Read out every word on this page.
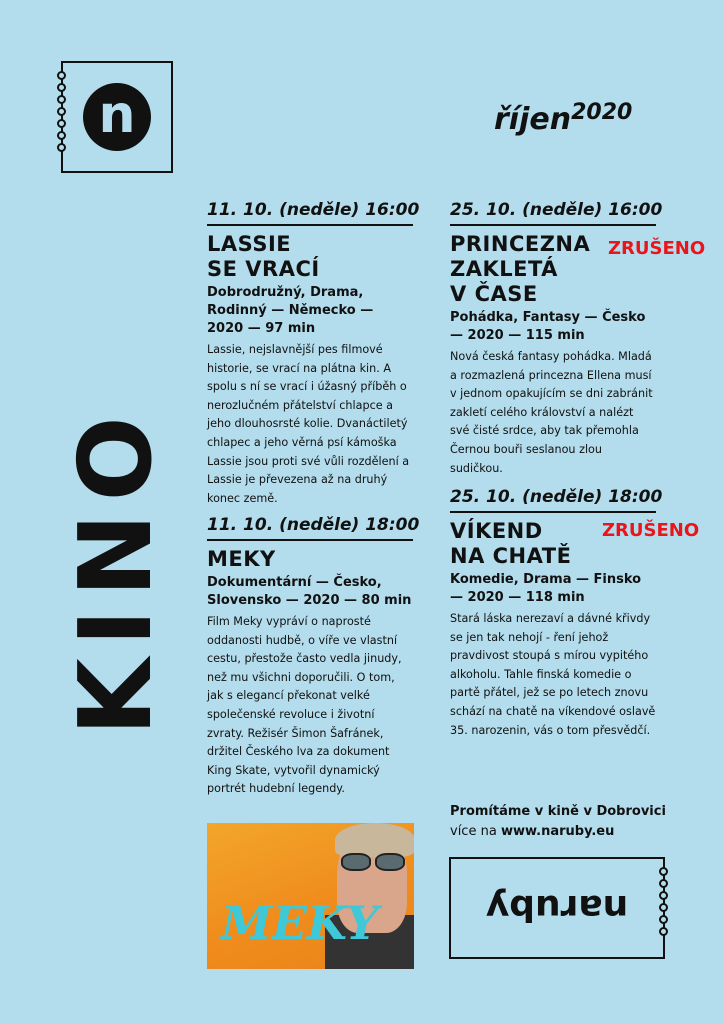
n	říjen$^{2020}$
KINO
11. 10. (neděle) 16:00
LASSIE
SE VRACÍ
Dobrodružný, Drama, Rodinný — Německo — 2020 — 97 min
Lassie, nejslavnější pes filmové historie, se vrací na plátna kin. A spolu s ní se vrací i úžasný příběh o nerozlučném přátelství chlapce a jeho dlouhosrsté kolie. Dvanáctiletý chlapec a jeho věrná psí kámoška Lassie jsou proti své vůli rozdělení a Lassie je převezena až na druhý konec země.
11. 10. (neděle) 18:00
MEKY
Dokumentární — Česko, Slovensko — 2020 — 80 min
Film Meky vypráví o naprosté oddanosti hudbě, o víře ve vlastní cestu, přestože často vedla jinudy, než mu všichni doporučili. O tom, jak s elegancí překonat velké společenské revoluce i životní zvraty. Režisér Šimon Šafránek, držitel Českého lva za dokument King Skate, vytvořil dynamický portrét hudební legendy.
25. 10. (neděle) 16:00
PRINCEZNA
ZAKLETÁ
V ČASE
Pohádka, Fantasy — Česko — 2020 — 115 min
Nová česká fantasy pohádka. Mladá a rozmazlená princezna Ellena musí v jednom opakujícím se dni zabránit zakletí celého království a nalézt své čisté srdce, aby tak přemohla Černou bouři seslanou zlou sudičkou.
ZRUŠENO
25. 10. (neděle) 18:00
VÍKEND
NA CHATĚ
Komedie, Drama — Finsko — 2020 — 118 min
Stará láska nerezaví a dávné křivdy se jen tak nehojí - ření jehož pravdivost stoupá s mírou vypitého alkoholu. Tahle finská komedie o partě přátel, jež se po letech znovu schází na chatě na víkendové oslavě 35. narozenin, vás o tom přesvědčí.
ZRUŠENO
Promítáme v kině v Dobrovici
více na www.naruby.eu
naruby
MEKY
